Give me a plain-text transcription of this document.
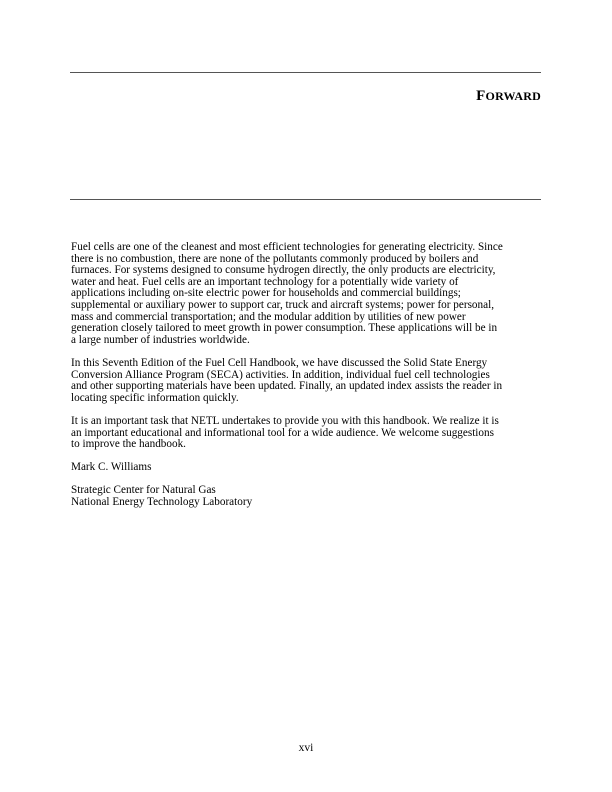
FORWARD

Fuel cells are one of the cleanest and most efficient technologies for generating electricity. Since
there is no combustion, there are none of the pollutants commonly produced by boilers and
furnaces. For systems designed to consume hydrogen directly, the only products are electricity,
water and heat. Fuel cells are an important technology for a potentially wide variety of
applications including on-site electric power for households and commercial buildings;
supplemental or auxiliary power to support car, truck and aircraft systems; power for personal,
mass and commercial transportation; and the modular addition by utilities of new power
generation closely tailored to meet growth in power consumption. These applications will be in
a large number of industries worldwide.

In this Seventh Edition of the Fuel Cell Handbook, we have discussed the Solid State Energy
Conversion Alliance Program (SECA) activities. In addition, individual fuel cell technologies
and other supporting materials have been updated. Finally, an updated index assists the reader in
locating specific information quickly.

It is an important task that NETL undertakes to provide you with this handbook. We realize it is
an important educational and informational tool for a wide audience. We welcome suggestions
to improve the handbook.

Mark C. Williams

Strategic Center for Natural Gas
National Energy Technology Laboratory

xvi
